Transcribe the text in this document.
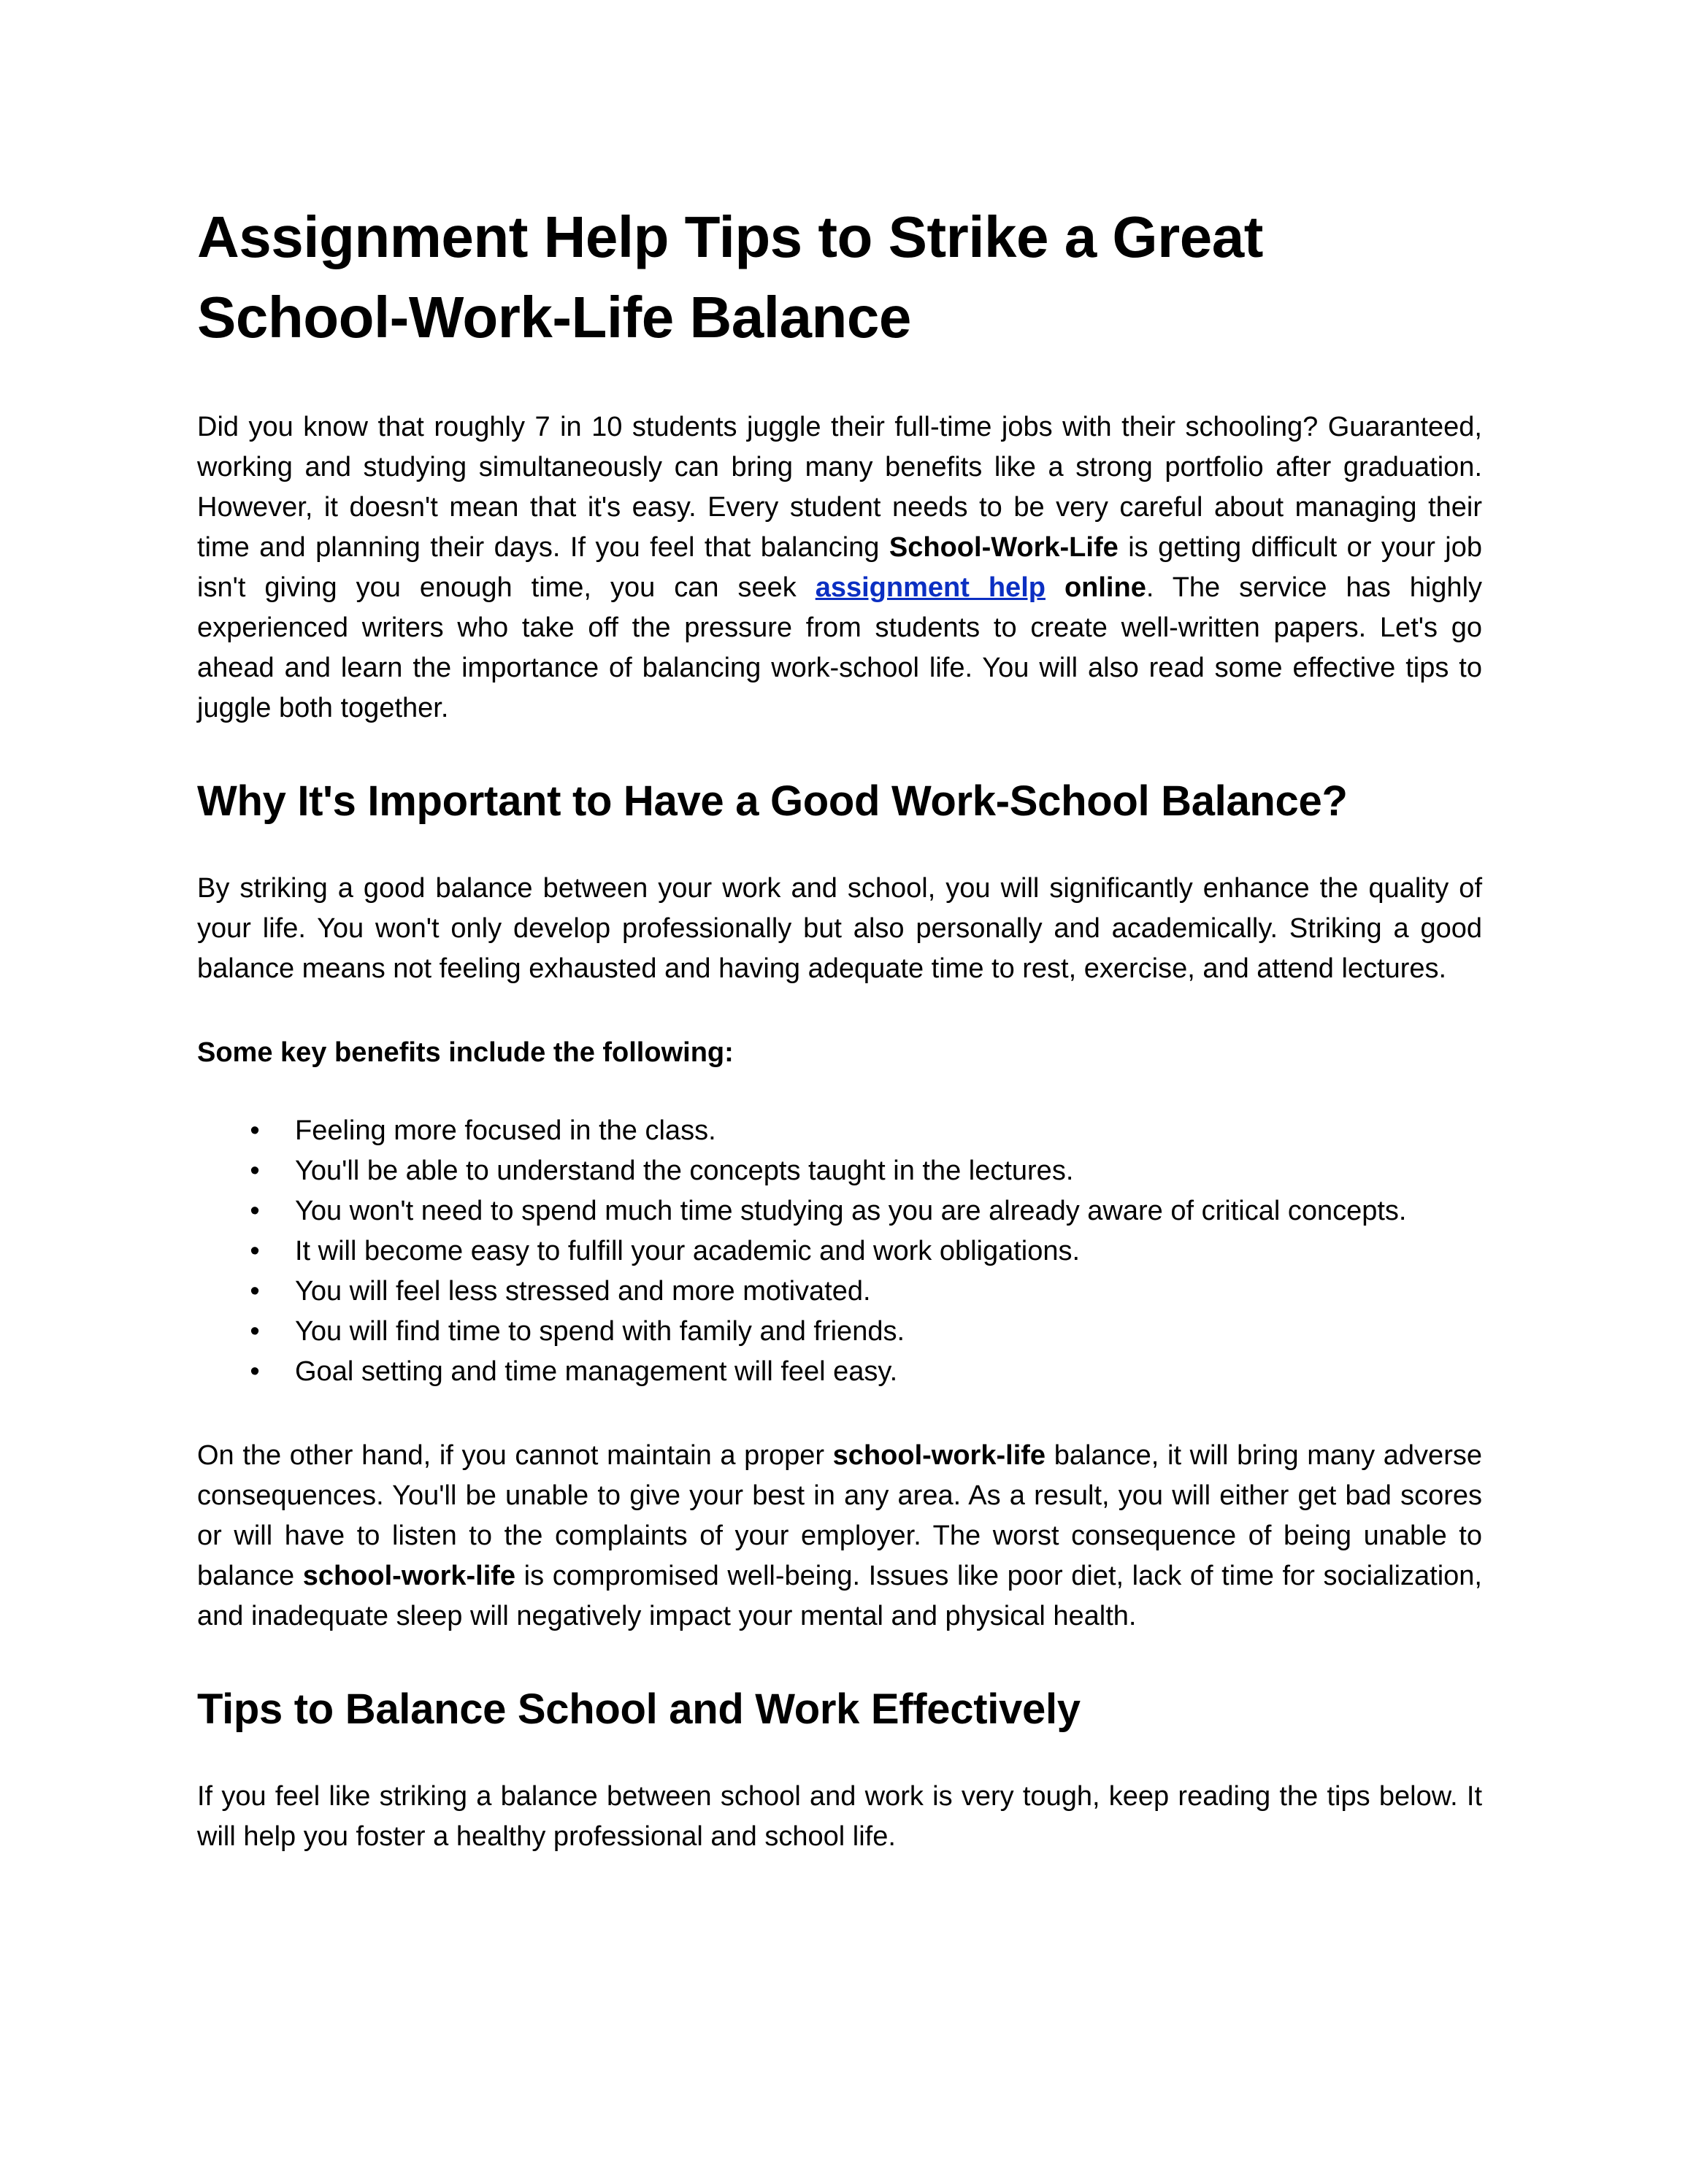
Assignment Help Tips to Strike a Great School-Work-Life Balance

Did you know that roughly 7 in 10 students juggle their full-time jobs with their schooling? Guaranteed, working and studying simultaneously can bring many benefits like a strong portfolio after graduation. However, it doesn't mean that it's easy. Every student needs to be very careful about managing their time and planning their days. If you feel that balancing School-Work-Life is getting difficult or your job isn't giving you enough time, you can seek assignment help online. The service has highly experienced writers who take off the pressure from students to create well-written papers. Let's go ahead and learn the importance of balancing work-school life. You will also read some effective tips to juggle both together.

Why It's Important to Have a Good Work-School Balance?

By striking a good balance between your work and school, you will significantly enhance the quality of your life. You won't only develop professionally but also personally and academically. Striking a good balance means not feeling exhausted and having adequate time to rest, exercise, and attend lectures.

Some key benefits include the following:

• Feeling more focused in the class.
• You'll be able to understand the concepts taught in the lectures.
• You won't need to spend much time studying as you are already aware of critical concepts.
• It will become easy to fulfill your academic and work obligations.
• You will feel less stressed and more motivated.
• You will find time to spend with family and friends.
• Goal setting and time management will feel easy.

On the other hand, if you cannot maintain a proper school-work-life balance, it will bring many adverse consequences. You'll be unable to give your best in any area. As a result, you will either get bad scores or will have to listen to the complaints of your employer. The worst consequence of being unable to balance school-work-life is compromised well-being. Issues like poor diet, lack of time for socialization, and inadequate sleep will negatively impact your mental and physical health.

Tips to Balance School and Work Effectively

If you feel like striking a balance between school and work is very tough, keep reading the tips below. It will help you foster a healthy professional and school life.
